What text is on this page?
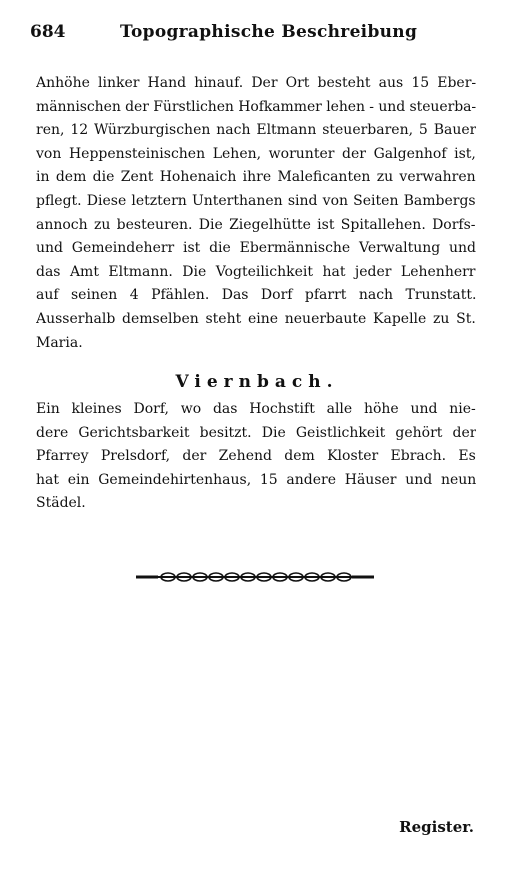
684	Topographische Beschreibung

Anhöhe linker Hand hinauf. Der Ort besteht aus 15 Eber-
männischen der Fürstlichen Hofkammer lehen - und steuerba-
ren, 12 Würzburgischen nach Eltmann steuerbaren, 5 Bauer
von Heppensteinischen Lehen, worunter der Galgenhof ist,
in dem die Zent Hohenaich ihre Maleficanten zu verwahren
pflegt. Diese letztern Unterthanen sind von Seiten Bambergs
annoch zu besteuren. Die Ziegelhütte ist Spitallehen. Dorfs-
und Gemeindeherr ist die Ebermännische Verwaltung und
das Amt Eltmann. Die Vogteilichkeit hat jeder Lehenherr
auf seinen 4 Pfählen. Das Dorf pfarrt nach Trunstatt.
Ausserhalb demselben steht eine neuerbaute Kapelle zu St.
Maria.

Viernbach.

Ein kleines Dorf, wo das Hochstift alle höhe und nie-
dere Gerichtsbarkeit besitzt. Die Geistlichkeit gehört der
Pfarrey Prelsdorf, der Zehend dem Kloster Ebrach. Es
hat ein Gemeindehirtenhaus, 15 andere Häuser und neun
Städel.

Register.
